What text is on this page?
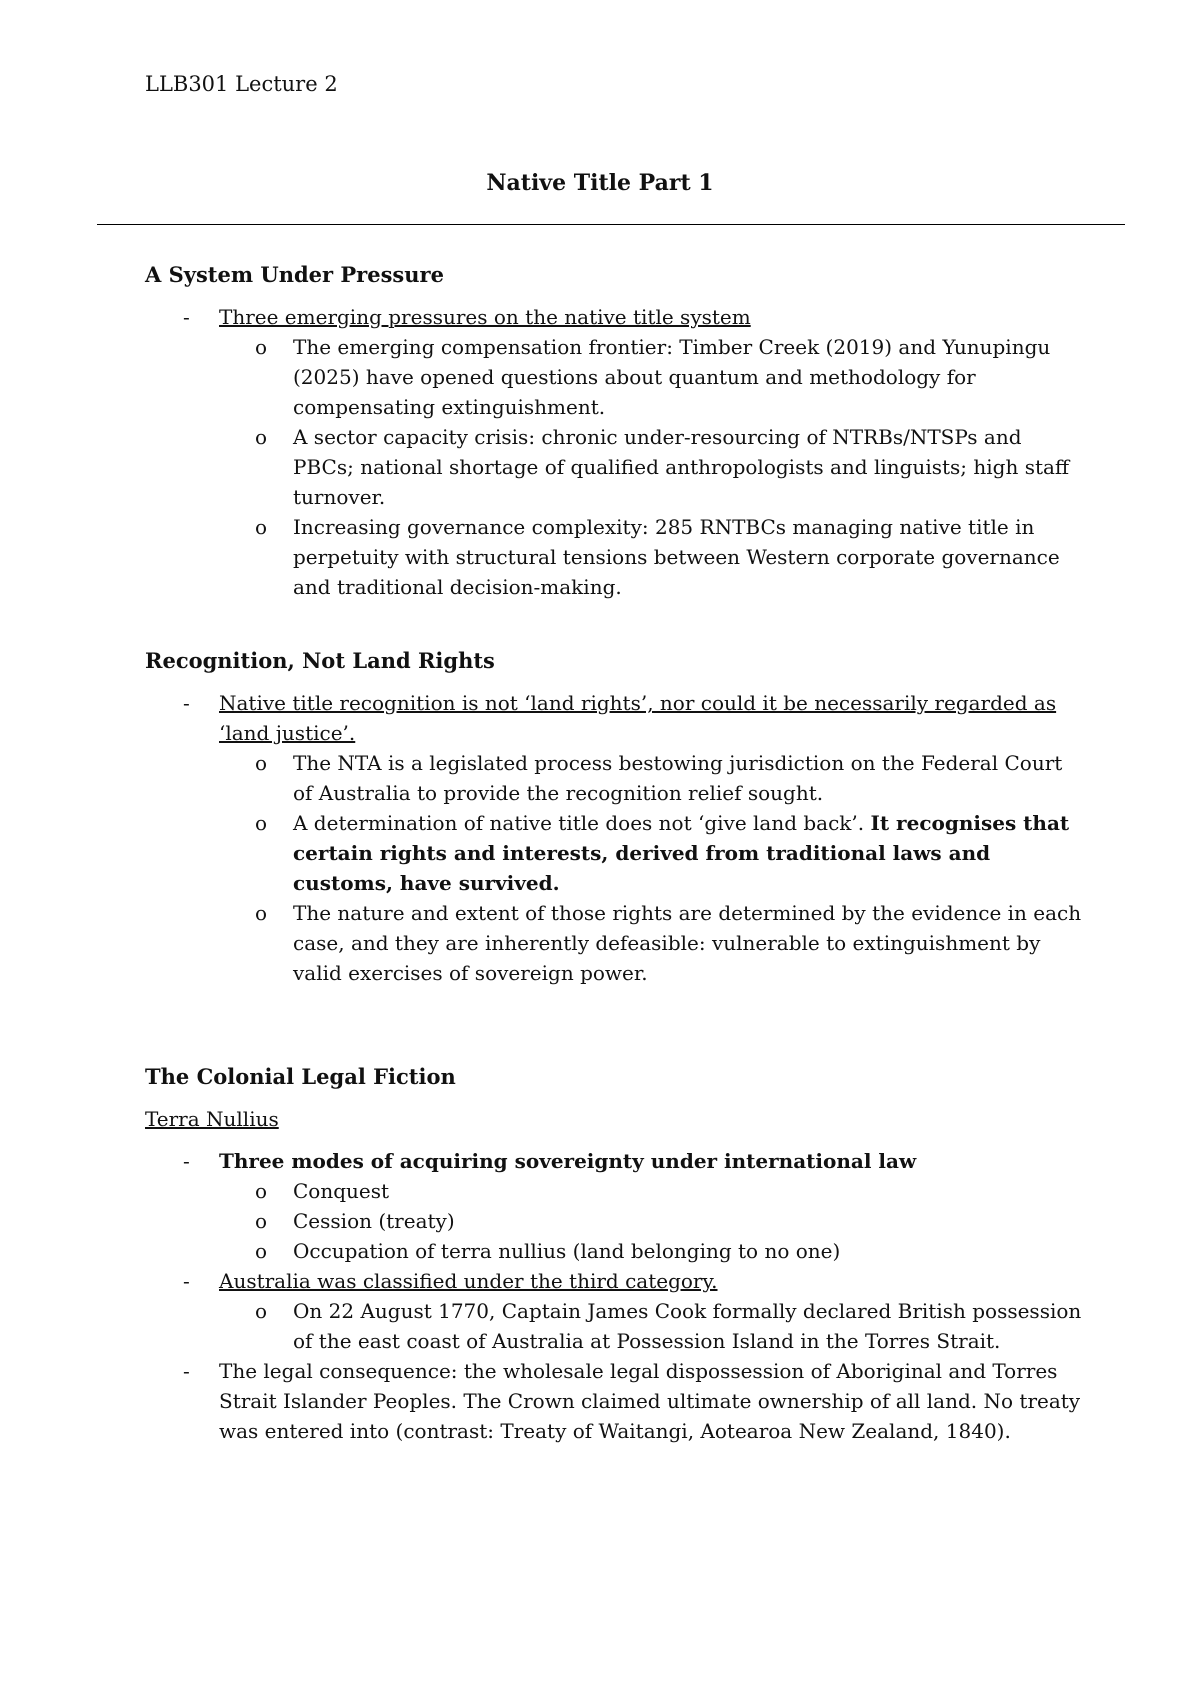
LLB301 Lecture 2
Native Title Part 1
A System Under Pressure
- Three emerging pressures on the native title system
o The emerging compensation frontier: Timber Creek (2019) and Yunupingu (2025) have opened questions about quantum and methodology for compensating extinguishment.
o A sector capacity crisis: chronic under-resourcing of NTRBs/NTSPs and PBCs; national shortage of qualified anthropologists and linguists; high staff turnover.
o Increasing governance complexity: 285 RNTBCs managing native title in perpetuity with structural tensions between Western corporate governance and traditional decision-making.
Recognition, Not Land Rights
- Native title recognition is not ‘land rights’, nor could it be necessarily regarded as ‘land justice’.
o The NTA is a legislated process bestowing jurisdiction on the Federal Court of Australia to provide the recognition relief sought.
o A determination of native title does not ‘give land back’. It recognises that certain rights and interests, derived from traditional laws and customs, have survived.
o The nature and extent of those rights are determined by the evidence in each case, and they are inherently defeasible: vulnerable to extinguishment by valid exercises of sovereign power.
The Colonial Legal Fiction
Terra Nullius
- Three modes of acquiring sovereignty under international law
o Conquest
o Cession (treaty)
o Occupation of terra nullius (land belonging to no one)
- Australia was classified under the third category.
o On 22 August 1770, Captain James Cook formally declared British possession of the east coast of Australia at Possession Island in the Torres Strait.
- The legal consequence: the wholesale legal dispossession of Aboriginal and Torres Strait Islander Peoples. The Crown claimed ultimate ownership of all land. No treaty was entered into (contrast: Treaty of Waitangi, Aotearoa New Zealand, 1840).
